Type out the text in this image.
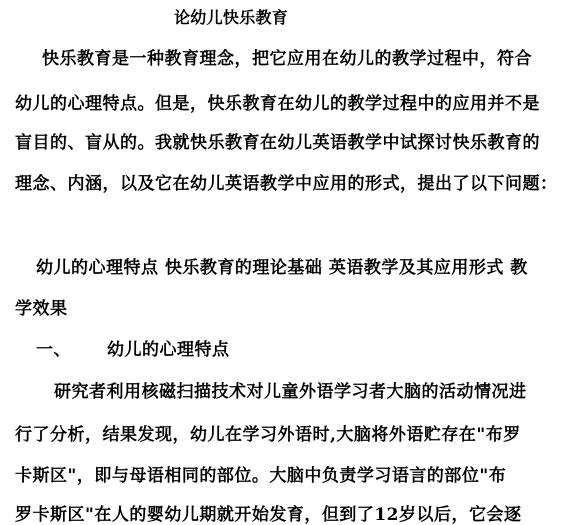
论幼儿快乐教育
快乐教育是一种教育理念，把它应用在幼儿的教学过程中，符合
幼儿的心理特点。但是，快乐教育在幼儿的教学过程中的应用并不是
盲目的、盲从的。我就快乐教育在幼儿英语教学中试探讨快乐教育的
理念、内涵，以及它在幼儿英语教学中应用的形式，提出了以下问题：
幼儿的心理特点 快乐教育的理论基础 英语教学及其应用形式 教
学效果
一、 幼儿的心理特点
研究者利用核磁扫描技术对儿童外语学习者大脑的活动情况进
行了分析，结果发现，幼儿在学习外语时,大脑将外语贮存在"布罗
卡斯区"，即与母语相同的部位。大脑中负责学习语言的部位"布
罗卡斯区"在人的婴幼儿期就开始发育，但到了12岁以后，它会逐
